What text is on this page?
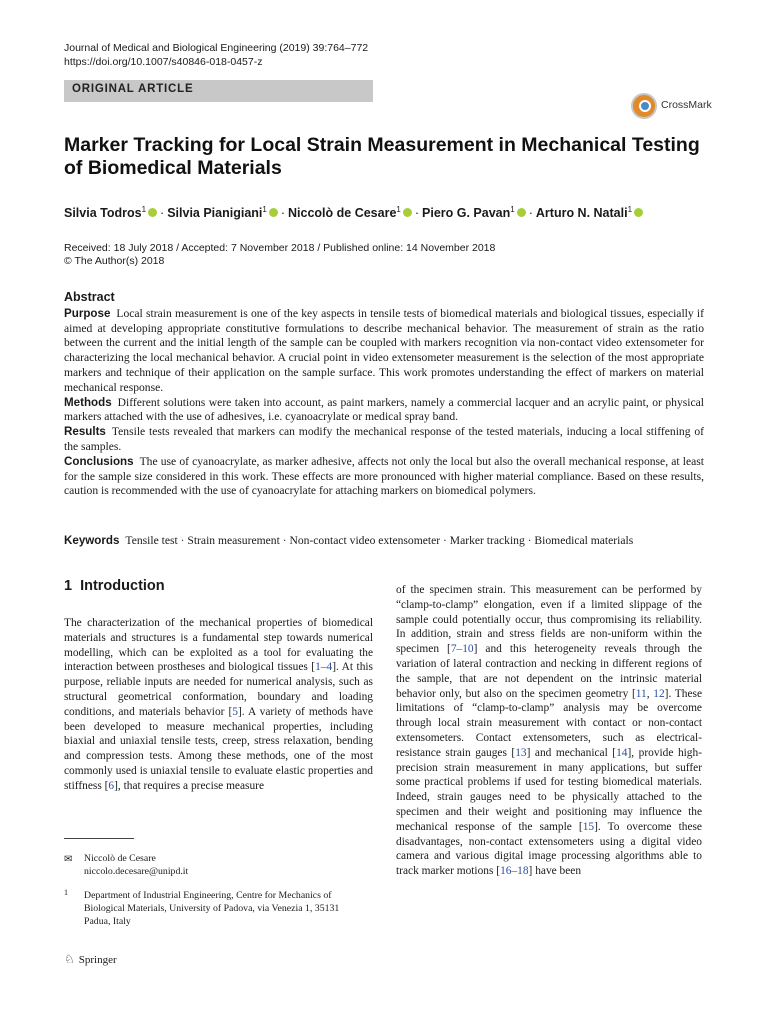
Journal of Medical and Biological Engineering (2019) 39:764–772
https://doi.org/10.1007/s40846-018-0457-z
ORIGINAL ARTICLE
CrossMark
Marker Tracking for Local Strain Measurement in Mechanical Testing of Biomedical Materials
Silvia Todros$^1$ · Silvia Pianigiani$^1$ · Niccolò de Cesare$^1$ · Piero G. Pavan$^1$ · Arturo N. Natali$^1$
Received: 18 July 2018 / Accepted: 7 November 2018 / Published online: 14 November 2018
© The Author(s) 2018
Abstract

Purpose Local strain measurement is one of the key aspects in tensile tests of biomedical materials and biological tissues, especially if aimed at developing appropriate constitutive formulations to describe mechanical behavior. The measurement of strain as the ratio between the current and the initial length of the sample can be coupled with markers recognition via non-contact video extensometer for characterizing the local mechanical behavior. A crucial point in video extensometer measurement is the selection of the most appropriate markers and technique of their application on the sample surface. This work promotes understanding the effect of markers on material mechanical response.

Methods Different solutions were taken into account, as paint markers, namely a commercial lacquer and an acrylic paint, or physical markers attached with the use of adhesives, i.e. cyanoacrylate or medical spray band.

Results Tensile tests revealed that markers can modify the mechanical response of the tested materials, inducing a local stiffening of the samples.

Conclusions The use of cyanoacrylate, as marker adhesive, affects not only the local but also the overall mechanical response, at least for the sample size considered in this work. These effects are more pronounced with higher material compliance. Based on these results, caution is recommended with the use of cyanoacrylate for attaching markers on biomedical polymers.

Keywords Tensile test · Strain measurement · Non-contact video extensometer · Marker tracking · Biomedical materials
1 Introduction
The characterization of the mechanical properties of biomedical materials and structures is a fundamental step towards numerical modelling, which can be exploited as a tool for evaluating the interaction between prostheses and biological tissues [1–4]. At this purpose, reliable inputs are needed for numerical analysis, such as structural geometrical conformation, boundary and loading conditions, and materials behavior [5]. A variety of methods have been developed to measure mechanical properties, including biaxial and uniaxial tensile tests, creep, stress relaxation, bending and compression tests. Among these methods, one of the most commonly used is uniaxial tensile to evaluate elastic properties and stiffness [6], that requires a precise measure
of the specimen strain. This measurement can be performed by “clamp-to-clamp” elongation, even if a limited slippage of the sample could potentially occur, thus compromising its reliability. In addition, strain and stress fields are non-uniform within the specimen [7–10] and this heterogeneity reveals through the variation of lateral contraction and necking in different regions of the sample, that are not dependent on the intrinsic material behavior only, but also on the specimen geometry [11, 12]. These limitations of “clamp-to-clamp” analysis may be overcome through local strain measurement with contact or non-contact extensometers. Contact extensometers, such as electrical-resistance strain gauges [13] and mechanical [14], provide high-precision strain measurement in many applications, but suffer some practical problems if used for testing biomedical materials. Indeed, strain gauges need to be physically attached to the specimen and their weight and positioning may influence the mechanical response of the sample [15]. To overcome these disadvantages, non-contact extensometers using a digital video camera and various digital image processing algorithms able to track marker motions [16–18] have been
✉ Niccolò de Cesare
niccolo.decesare@unipd.it
1 Department of Industrial Engineering, Centre for Mechanics of Biological Materials, University of Padova, via Venezia 1, 35131 Padua, Italy
♘ Springer
